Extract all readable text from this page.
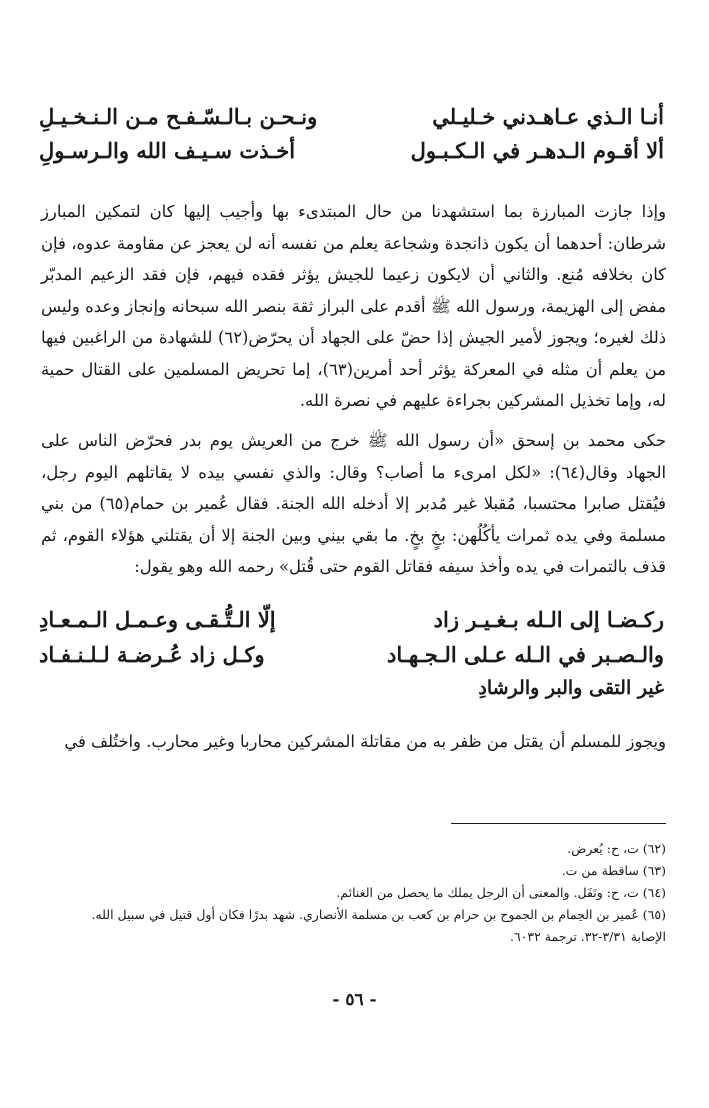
أنـا الـذي عـاهـدني خـليـلي
ونـحـن بـالـسّـفـح مـن الـنـخـيـلِ
ألا أقـوم الـدهـر في الـكـبـول
أخـذت سـيـف الله والـرسـولِ

وإذا جازت المبارزة بما استشهدنا من حال المبتدىء بها وأجيب إليها كان لتمكين المبارز شرطان: أحدهما أن يكون ذانجدة وشجاعة يعلم من نفسه أنه لن يعجز عن مقاومة عدوه، فإن كان بخلافه مُنع. والثاني أن لايكون زعيما للجيش يؤثر فقده فيهم، فإن فقد الزعيم المدبّر مفض إلى الهزيمة، ورسول الله ﷺ أقدم على البراز ثقة بنصر الله سبحانه وإنجاز وعده وليس ذلك لغيره؛ ويجوز لأمير الجيش إذا حضّ على الجهاد أن يحرّض(٦٢) للشهادة من الراغبين فيها من يعلم أن مثله في المعركة يؤثر أحد أمرين(٦٣)، إما تحريض المسلمين على القتال حمية له، وإما تخذيل المشركين بجراءة عليهم في نصرة الله.

حكى محمد بن إسحق «أن رسول الله ﷺ خرج من العريش يوم بدر فحرّض الناس على الجهاد وقال(٦٤): «لكل امرىء ما أصاب؟ وقال: والذي نفسي بيده لا يقاتلهم اليوم رجل، فيُقتل صابرا محتسبا، مُقبلا غير مُدبر إلا أدخله الله الجنة. فقال عُمير بن حمام(٦٥) من بني مسلمة وفي يده ثمرات يأكُلُهن: بخٍ بخٍ. ما بقي بيني وبين الجنة إلا أن يقتلني هؤلاء القوم، ثم قذف بالتمرات في يده وأخذ سيفه فقاتل القوم حتى قُتل» رحمه الله وهو يقول:

ركـضـا إلى الـله بـغـيـر زاد
إلّا الـتُّـقـى وعـمـل الـمـعـادِ
والـصـبر في الـله عـلى الـجـهـاد
وكـل زاد عُـرضـة لـلـنـفـاد
غير التقى والبر والرشادِ

ويجوز للمسلم أن يقتل من ظفر به من مقاتلة المشركين محاربا وغير محارب. واختُلف في

(٦٢) ت، ح: يُعرض.
(٦٣) ساقطة من ت.
(٦٤) ت، ح: ونَفَل. والمعنى أن الرجل يملك ما يحصل من الغنائم.
(٦٥) عُمير بن الحِمام بن الجموح بن حرام بن كعب بن مسلمة الأنصاري. شهد بدرًا فكان أول قتيل في سبيل الله.
الإصابة ٣/٣١-٣٢. ترجمة ٦٠٣٢.
- ٥٦ -
